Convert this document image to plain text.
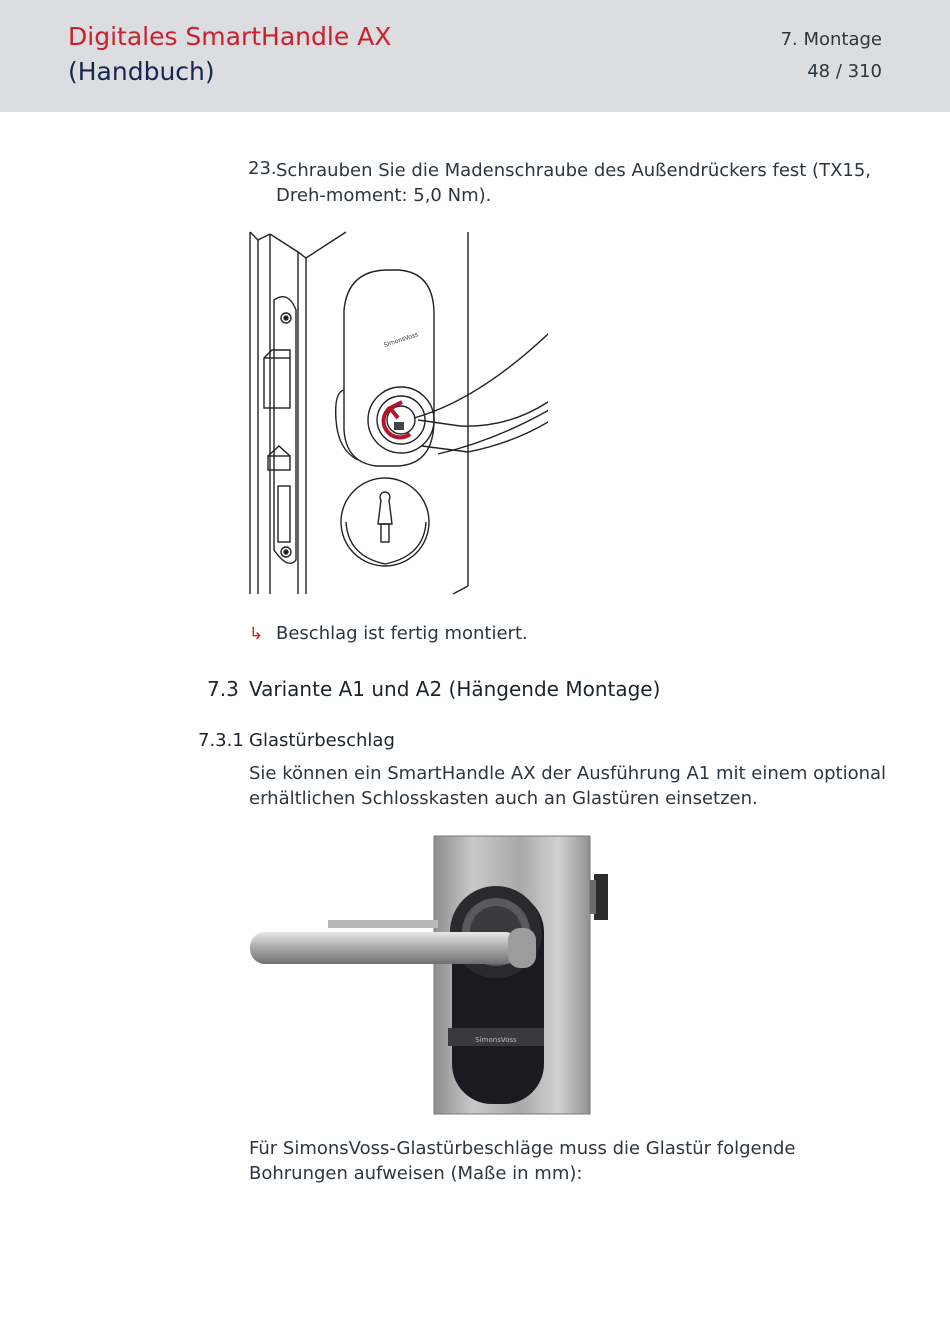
Digitales SmartHandle AX
(Handbuch)
7. Montage
48 / 310
23. Schrauben Sie die Madenschraube des Außendrückers fest (TX15, Dreh-moment: 5,0 Nm).
SimonsVoss
↳ Beschlag ist fertig montiert.
7.3 Variante A1 und A2 (Hängende Montage)
7.3.1 Glastürbeschlag
Sie können ein SmartHandle AX der Ausführung A1 mit einem optional erhältlichen Schlosskasten auch an Glastüren einsetzen.
SimonsVoss
Für SimonsVoss-Glastürbeschläge muss die Glastür folgende Bohrungen aufweisen (Maße in mm):
